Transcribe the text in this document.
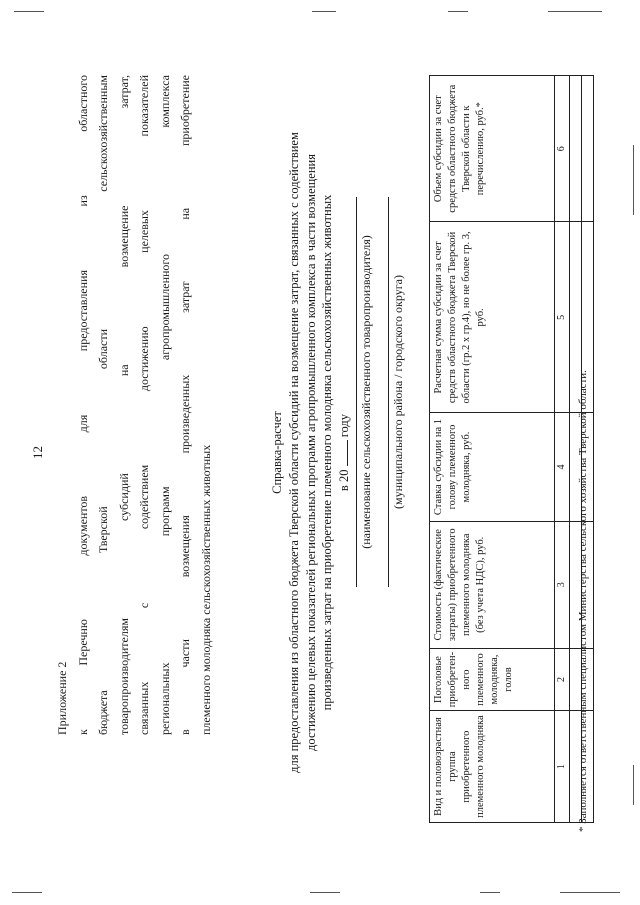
12
Приложение 2 к Перечню документов для предоставления из областного бюджета Тверской области сельскохозяйственным товаропроизводителям субсидий на возмещение затрат, связанных с содействием достижению целевых показателей региональных программ агропромышленного комплекса в части возмещения произведенных затрат на приобретение племенного молодняка сельскохозяйственных животных	Справка-расчет для предоставления из областного бюджета Тверской области субсидий на возмещение затрат, связанных с содействием достижению целевых показателей региональных программ агропромышленного комплекса в части возмещения произведенных затрат на приобретение племенного молодняка сельскохозяйственных животных в 20  году (наименование сельскохозяйственного товаропроизводителя) (муниципального района / городского округа)
Вид и половозрастная группа приобретенного племенного молодняка	Поголовье приобретен-ного племенного молодняка, голов	Стоимость (фактические затраты) приобретенного племенного молодняка (без учета НДС), руб.	Ставка субсидии на 1 голову племенного молодняка, руб.	Расчетная сумма субсидии за счет средств областного бюджета Тверской области (гр.2 х гр.4), но не более гр. 3, руб.	Объем субсидии за счет средств областного бюджета Тверской области к перечислению, руб.*
1	2	3	4	5	6

* Заполняется ответственным специалистом Министерства сельского хозяйства Тверской области.
